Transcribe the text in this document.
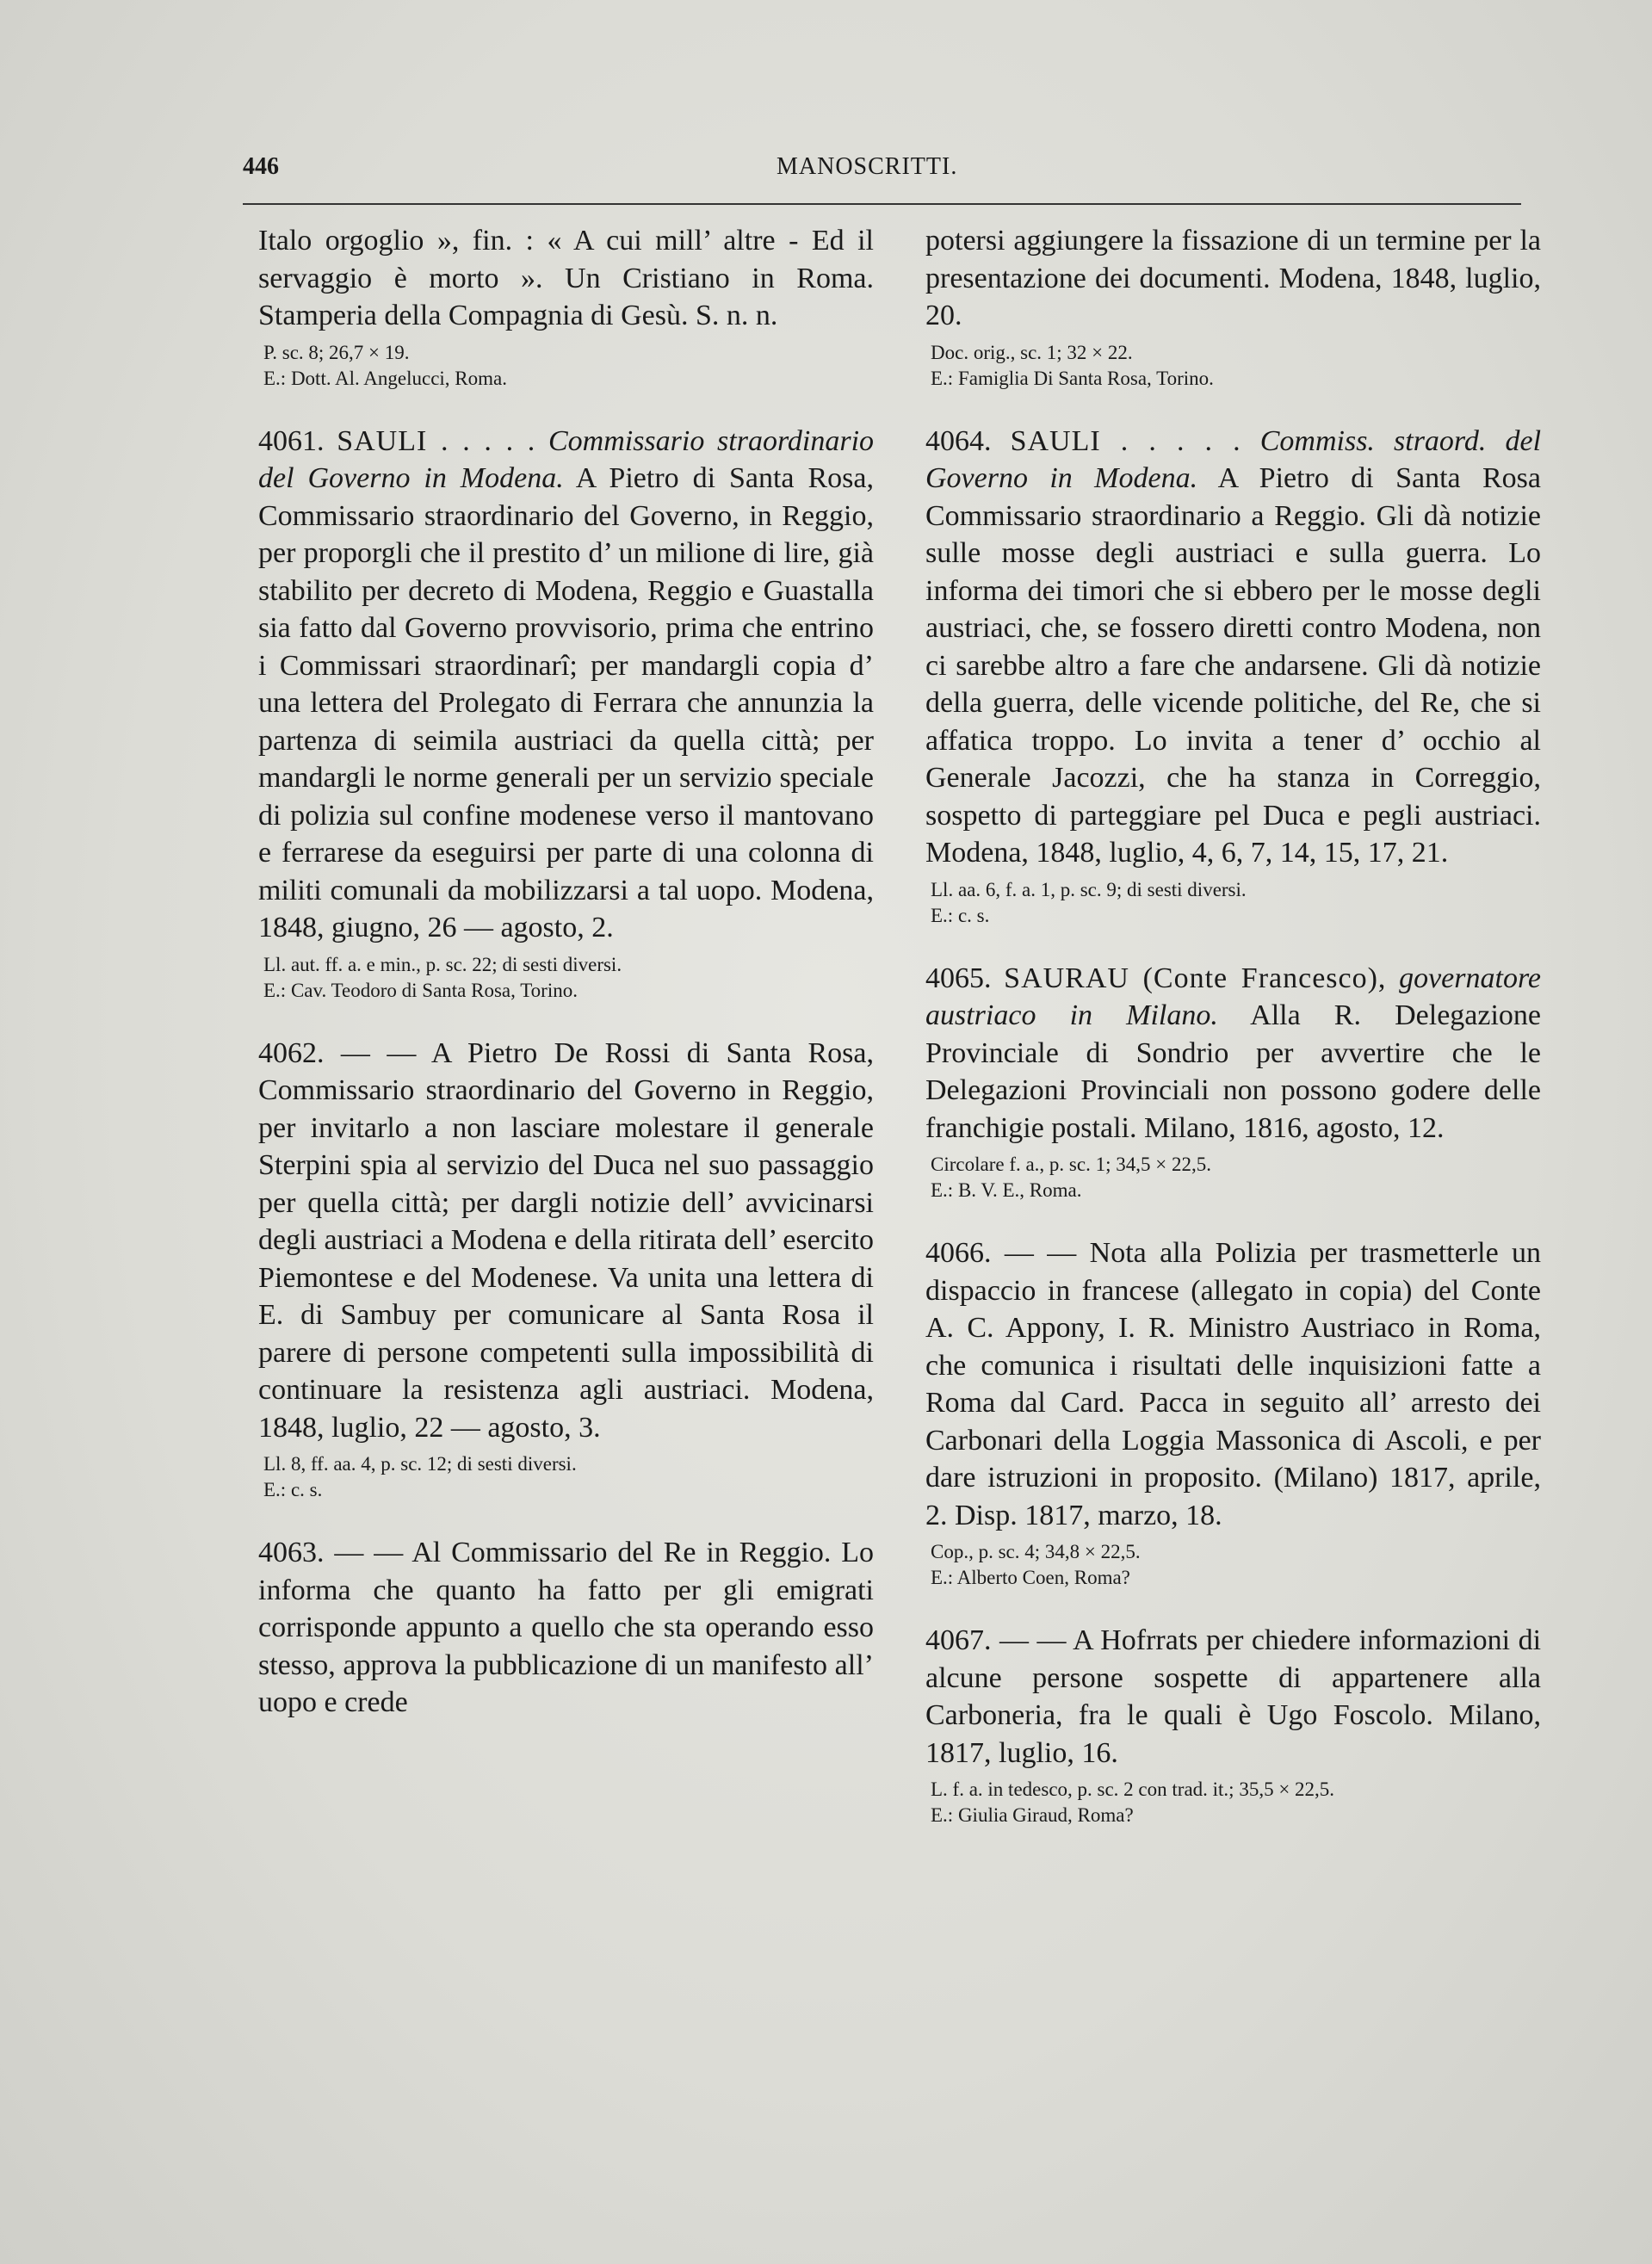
446	MANOSCRITTI.

Italo orgoglio », fin. : « A cui mill’ altre - Ed il servaggio è morto ». Un Cristiano in Roma. Stamperia della Compagnia di Gesù. S. n. n.

P. sc. 8; 26,7 × 19.
E.: Dott. Al. Angelucci, Roma.

4061. SAULI . . . . . Commissario straordinario del Governo in Modena. A Pietro di Santa Rosa, Commissario straordinario del Governo, in Reggio, per proporgli che il prestito d’ un milione di lire, già stabilito per decreto di Modena, Reggio e Guastalla sia fatto dal Governo provvisorio, prima che entrino i Commissari straordinarî; per mandargli copia d’ una lettera del Prolegato di Ferrara che annunzia la partenza di seimila austriaci da quella città; per mandargli le norme generali per un servizio speciale di polizia sul confine modenese verso il mantovano e ferrarese da eseguirsi per parte di una colonna di militi comunali da mobilizzarsi a tal uopo. Modena, 1848, giugno, 26 — agosto, 2.

Ll. aut. ff. a. e min., p. sc. 22; di sesti diversi.
E.: Cav. Teodoro di Santa Rosa, Torino.

4062. — — A Pietro De Rossi di Santa Rosa, Commissario straordinario del Governo in Reggio, per invitarlo a non lasciare molestare il generale Sterpini spia al servizio del Duca nel suo passaggio per quella città; per dargli notizie dell’ avvicinarsi degli austriaci a Modena e della ritirata dell’ esercito Piemontese e del Modenese. Va unita una lettera di E. di Sambuy per comunicare al Santa Rosa il parere di persone competenti sulla impossibilità di continuare la resistenza agli austriaci. Modena, 1848, luglio, 22 — agosto, 3.

Ll. 8, ff. aa. 4, p. sc. 12; di sesti diversi.
E.: c. s.

4063. — — Al Commissario del Re in Reggio. Lo informa che quanto ha fatto per gli emigrati corrisponde appunto a quello che sta operando esso stesso, approva la pubblicazione di un manifesto all’ uopo e crede

potersi aggiungere la fissazione di un termine per la presentazione dei documenti. Modena, 1848, luglio, 20.

Doc. orig., sc. 1; 32 × 22.
E.: Famiglia Di Santa Rosa, Torino.

4064. SAULI . . . . . Commiss. straord. del Governo in Modena. A Pietro di Santa Rosa Commissario straordinario a Reggio. Gli dà notizie sulle mosse degli austriaci e sulla guerra. Lo informa dei timori che si ebbero per le mosse degli austriaci, che, se fossero diretti contro Modena, non ci sarebbe altro a fare che andarsene. Gli dà notizie della guerra, delle vicende politiche, del Re, che si affatica troppo. Lo invita a tener d’ occhio al Generale Jacozzi, che ha stanza in Correggio, sospetto di parteggiare pel Duca e pegli austriaci. Modena, 1848, luglio, 4, 6, 7, 14, 15, 17, 21.

Ll. aa. 6, f. a. 1, p. sc. 9; di sesti diversi.
E.: c. s.

4065. SAURAU (Conte Francesco), governatore austriaco in Milano. Alla R. Delegazione Provinciale di Sondrio per avvertire che le Delegazioni Provinciali non possono godere delle franchigie postali. Milano, 1816, agosto, 12.

Circolare f. a., p. sc. 1; 34,5 × 22,5.
E.: B. V. E., Roma.

4066. — — Nota alla Polizia per trasmetterle un dispaccio in francese (allegato in copia) del Conte A. C. Appony, I. R. Ministro Austriaco in Roma, che comunica i risultati delle inquisizioni fatte a Roma dal Card. Pacca in seguito all’ arresto dei Carbonari della Loggia Massonica di Ascoli, e per dare istruzioni in proposito. (Milano) 1817, aprile, 2. Disp. 1817, marzo, 18.

Cop., p. sc. 4; 34,8 × 22,5.
E.: Alberto Coen, Roma?

4067. — — A Hofrrats per chiedere informazioni di alcune persone sospette di appartenere alla Carboneria, fra le quali è Ugo Foscolo. Milano, 1817, luglio, 16.

L. f. a. in tedesco, p. sc. 2 con trad. it.; 35,5 × 22,5.
E.: Giulia Giraud, Roma?
